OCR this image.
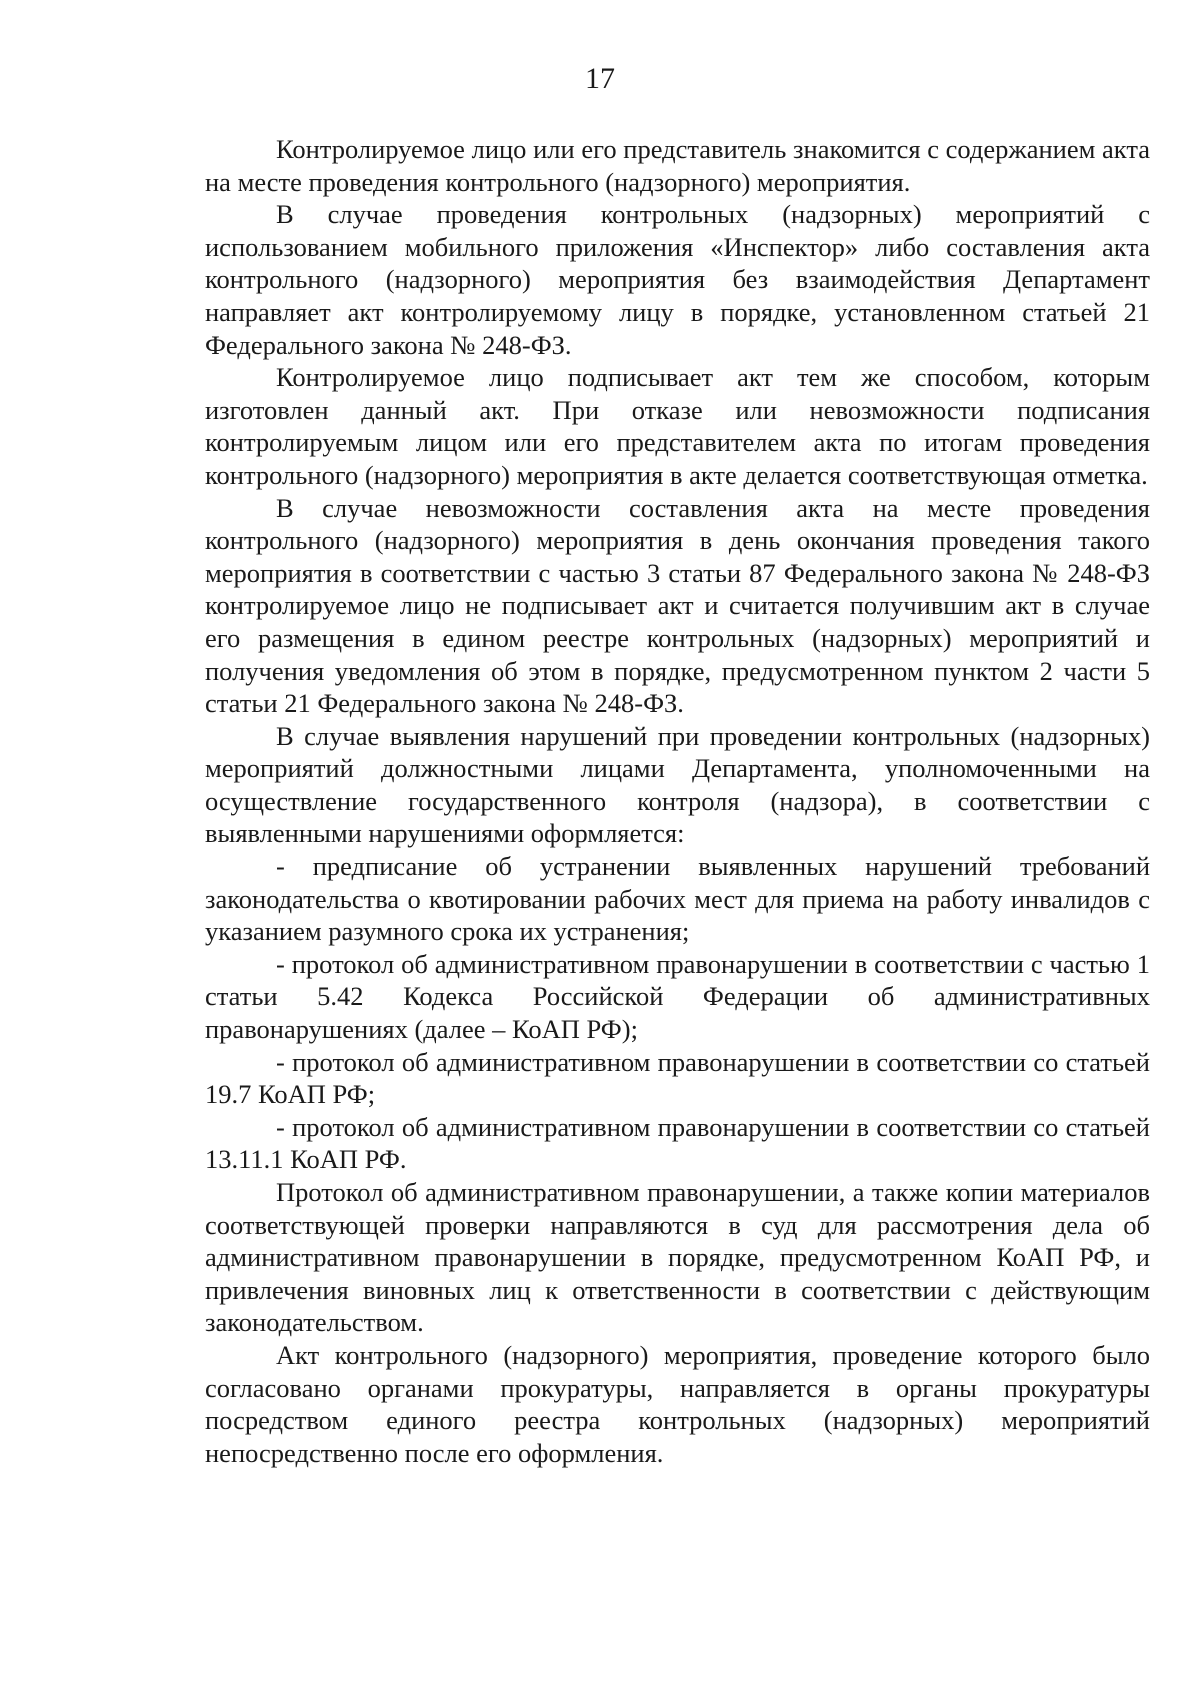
17

Контролируемое лицо или его представитель знакомится с содержанием акта на месте проведения контрольного (надзорного) мероприятия.

В случае проведения контрольных (надзорных) мероприятий с использованием мобильного приложения «Инспектор» либо составления акта контрольного (надзорного) мероприятия без взаимодействия Департамент направляет акт контролируемому лицу в порядке, установленном статьей 21 Федерального закона № 248-ФЗ.

Контролируемое лицо подписывает акт тем же способом, которым изготовлен данный акт. При отказе или невозможности подписания контролируемым лицом или его представителем акта по итогам проведения контрольного (надзорного) мероприятия в акте делается соответствующая отметка.

В случае невозможности составления акта на месте проведения контрольного (надзорного) мероприятия в день окончания проведения такого мероприятия в соответствии с частью 3 статьи 87 Федерального закона № 248-ФЗ контролируемое лицо не подписывает акт и считается получившим акт в случае его размещения в едином реестре контрольных (надзорных) мероприятий и получения уведомления об этом в порядке, предусмотренном пунктом 2 части 5 статьи 21 Федерального закона № 248-ФЗ.

В случае выявления нарушений при проведении контрольных (надзорных) мероприятий должностными лицами Департамента, уполномоченными на осуществление государственного контроля (надзора), в соответствии с выявленными нарушениями оформляется:

- предписание об устранении выявленных нарушений требований законодательства о квотировании рабочих мест для приема на работу инвалидов с указанием разумного срока их устранения;

- протокол об административном правонарушении в соответствии с частью 1 статьи 5.42 Кодекса Российской Федерации об административных правонарушениях (далее – КоАП РФ);

- протокол об административном правонарушении в соответствии со статьей 19.7 КоАП РФ;

- протокол об административном правонарушении в соответствии со статьей 13.11.1 КоАП РФ.

Протокол об административном правонарушении, а также копии материалов соответствующей проверки направляются в суд для рассмотрения дела об административном правонарушении в порядке, предусмотренном КоАП РФ, и привлечения виновных лиц к ответственности в соответствии с действующим законодательством.

Акт контрольного (надзорного) мероприятия, проведение которого было согласовано органами прокуратуры, направляется в органы прокуратуры посредством единого реестра контрольных (надзорных) мероприятий непосредственно после его оформления.
